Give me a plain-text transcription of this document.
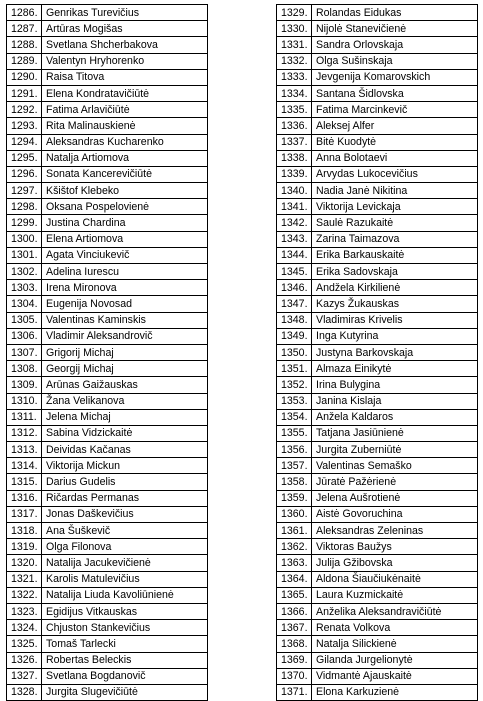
1286.	Genrikas Turevičius
1287.	Artūras Mogišas
1288.	Svetlana Shcherbakova
1289.	Valentyn Hryhorenko
1290.	Raisa Titova
1291.	Elena Kondratavičiūtė
1292.	Fatima Arlavičiūtė
1293.	Rita Malinauskienė
1294.	Aleksandras Kucharenko
1295.	Natalja Artiomova
1296.	Sonata Kancerevičiūtė
1297.	Kšištof Klebeko
1298.	Oksana Pospelovienė
1299.	Justina Chardina
1300.	Elena Artiomova
1301.	Agata Vinciukevič
1302.	Adelina Iurescu
1303.	Irena Mironova
1304.	Eugenija Novosad
1305.	Valentinas Kaminskis
1306.	Vladimir Aleksandrovič
1307.	Grigorij Michaj
1308.	Georgij Michaj
1309.	Arūnas Gaižauskas
1310.	Žana Velikanova
1311.	Jelena Michaj
1312.	Sabina Vidzickaitė
1313.	Deividas Kačanas
1314.	Viktorija Mickun
1315.	Darius Gudelis
1316.	Ričardas Permanas
1317.	Jonas Daškevičius
1318.	Ana Šuškevič
1319.	Olga Filonova
1320.	Natalija Jacukevičienė
1321.	Karolis Matulevičius
1322.	Natalija Liuda Kavoliūnienė
1323.	Egidijus Vitkauskas
1324.	Chjuston Stankevičius
1325.	Tomaš Tarlecki
1326.	Robertas Beleckis
1327.	Svetlana Bogdanovič
1328.	Jurgita Slugevičiūtė
1329.	Rolandas Eidukas
1330.	Nijolė Stanevičienė
1331.	Sandra Orlovskaja
1332.	Olga Sušinskaja
1333.	Jevgenija Komarovskich
1334.	Santana Šidlovska
1335.	Fatima Marcinkevič
1336.	Aleksej Alfer
1337.	Bitė Kuodytė
1338.	Anna Bolotaevi
1339.	Arvydas Lukocevičius
1340.	Nadia Janė Nikitina
1341.	Viktorija Levickaja
1342.	Saulė Razukaitė
1343.	Zarina Taimazova
1344.	Erika Barkauskaitė
1345.	Erika Sadovskaja
1346.	Andžela Kirkilienė
1347.	Kazys Žukauskas
1348.	Vladimiras Krivelis
1349.	Inga Kutyrina
1350.	Justyna Barkovskaja
1351.	Almaza Einikytė
1352.	Irina Bulygina
1353.	Janina Kislaja
1354.	Anžela Kaldaros
1355.	Tatjana Jasiūnienė
1356.	Jurgita Zuberniūtė
1357.	Valentinas Semaško
1358.	Jūratė Pažėrienė
1359.	Jelena Aušrotienė
1360.	Aistė Govoruchina
1361.	Aleksandras Zeleninas
1362.	Viktoras Baužys
1363.	Julija Gžibovska
1364.	Aldona Šiaučiukėnaitė
1365.	Laura Kuzmickaitė
1366.	Anželika Aleksandravičiūtė
1367.	Renata Volkova
1368.	Natalja Silickienė
1369.	Gilanda Jurgelionytė
1370.	Vidmantė Ajauskaitė
1371.	Elona Karkuzienė
